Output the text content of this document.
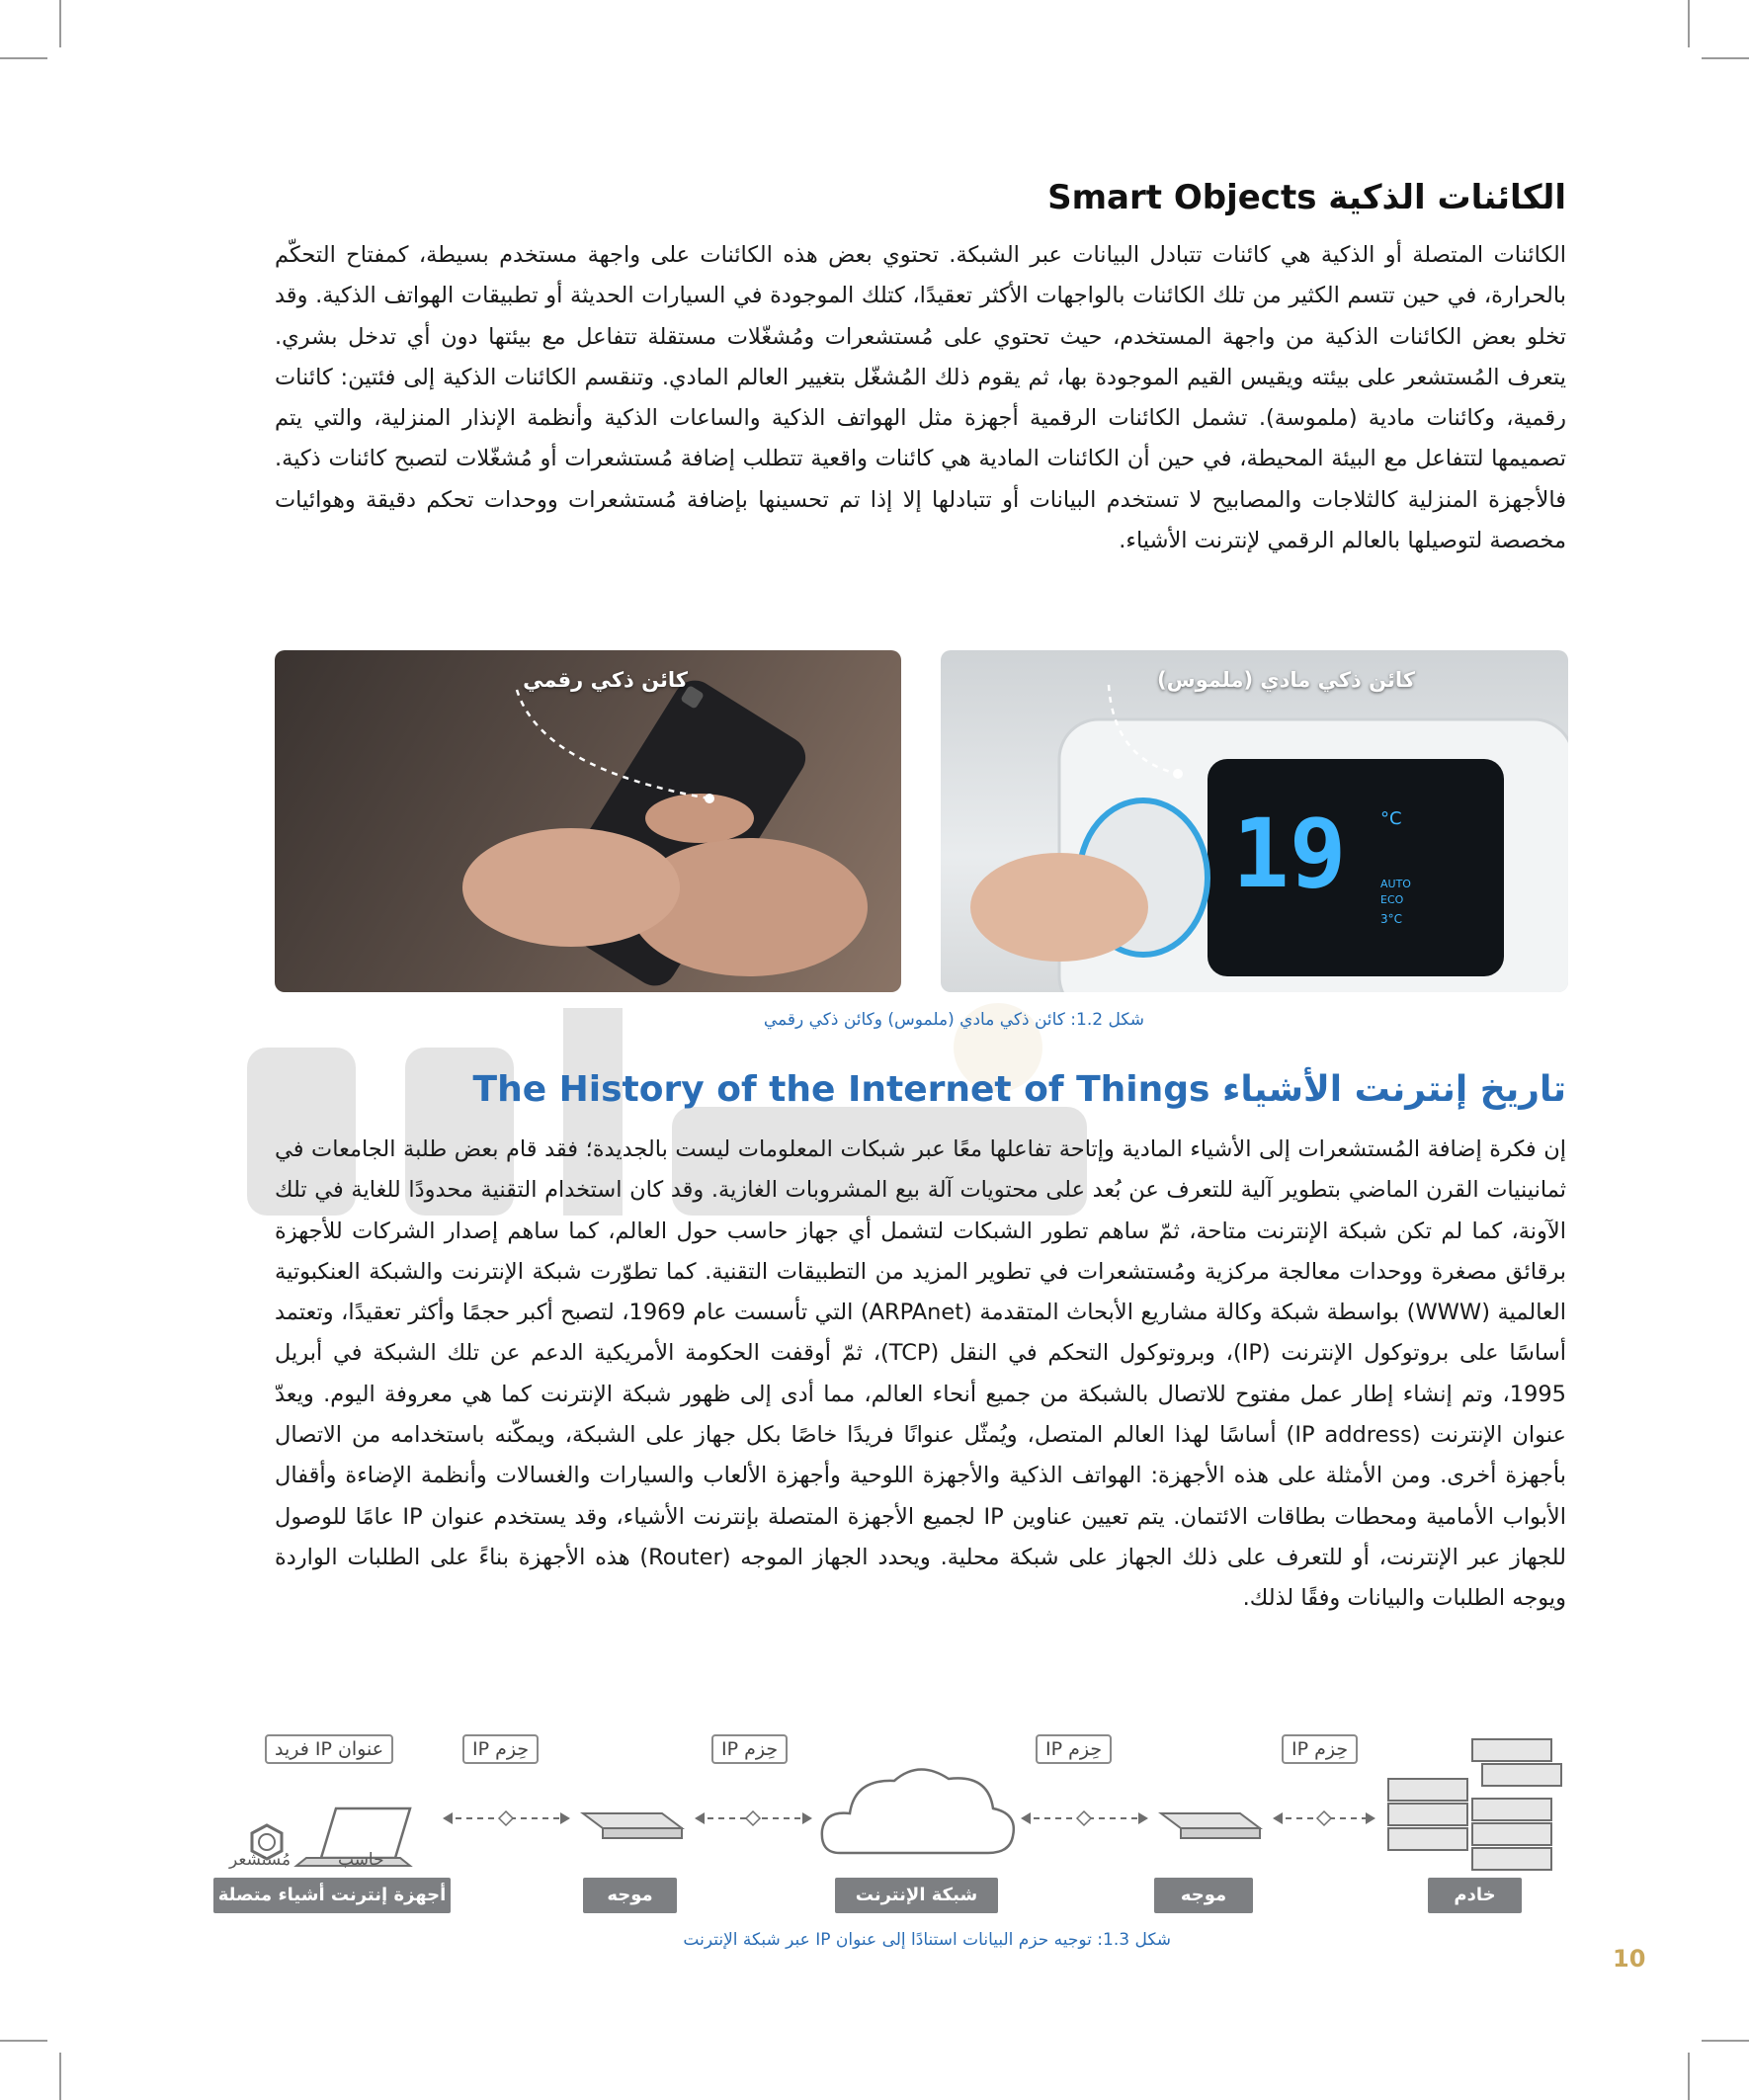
الكائنات الذكية Smart Objects
الكائنات المتصلة أو الذكية هي كائنات تتبادل البيانات عبر الشبكة. تحتوي بعض هذه الكائنات على واجهة مستخدم بسيطة، كمفتاح التحكّم بالحرارة، في حين تتسم الكثير من تلك الكائنات بالواجهات الأكثر تعقيدًا، كتلك الموجودة في السيارات الحديثة أو تطبيقات الهواتف الذكية. وقد تخلو بعض الكائنات الذكية من واجهة المستخدم، حيث تحتوي على مُستشعرات ومُشغّلات مستقلة تتفاعل مع بيئتها دون أي تدخل بشري. يتعرف المُستشعر على بيئته ويقيس القيم الموجودة بها، ثم يقوم ذلك المُشغّل بتغيير العالم المادي. وتنقسم الكائنات الذكية إلى فئتين: كائنات رقمية، وكائنات مادية (ملموسة). تشمل الكائنات الرقمية أجهزة مثل الهواتف الذكية والساعات الذكية وأنظمة الإنذار المنزلية، والتي يتم تصميمها لتتفاعل مع البيئة المحيطة، في حين أن الكائنات المادية هي كائنات واقعية تتطلب إضافة مُستشعرات أو مُشغّلات لتصبح كائنات ذكية. فالأجهزة المنزلية كالثلاجات والمصابيح لا تستخدم البيانات أو تتبادلها إلا إذا تم تحسينها بإضافة مُستشعرات ووحدات تحكم دقيقة وهوائيات مخصصة لتوصيلها بالعالم الرقمي لإنترنت الأشياء.
كائن ذكي رقمي
19 °C
AUTO
ECO
3°C
كائن ذكي مادي (ملموس)
شكل 1.2: كائن ذكي مادي (ملموس) وكائن ذكي رقمي
تاريخ إنترنت الأشياء The History of the Internet of Things
إن فكرة إضافة المُستشعرات إلى الأشياء المادية وإتاحة تفاعلها معًا عبر شبكات المعلومات ليست بالجديدة؛ فقد قام بعض طلبة الجامعات في ثمانينيات القرن الماضي بتطوير آلية للتعرف عن بُعد على محتويات آلة بيع المشروبات الغازية. وقد كان استخدام التقنية محدودًا للغاية في تلك الآونة، كما لم تكن شبكة الإنترنت متاحة، ثمّ ساهم تطور الشبكات لتشمل أي جهاز حاسب حول العالم، كما ساهم إصدار الشركات للأجهزة برقائق مصغرة ووحدات معالجة مركزية ومُستشعرات في تطوير المزيد من التطبيقات التقنية. كما تطوّرت شبكة الإنترنت والشبكة العنكبوتية العالمية (WWW) بواسطة شبكة وكالة مشاريع الأبحاث المتقدمة (ARPAnet) التي تأسست عام 1969، لتصبح أكبر حجمًا وأكثر تعقيدًا، وتعتمد أساسًا على بروتوكول الإنترنت (IP)، وبروتوكول التحكم في النقل (TCP)، ثمّ أوقفت الحكومة الأمريكية الدعم عن تلك الشبكة في أبريل 1995، وتم إنشاء إطار عمل مفتوح للاتصال بالشبكة من جميع أنحاء العالم، مما أدى إلى ظهور شبكة الإنترنت كما هي معروفة اليوم. ويعدّ عنوان الإنترنت (IP address) أساسًا لهذا العالم المتصل، ويُمثّل عنوانًا فريدًا خاصًا بكل جهاز على الشبكة، ويمكّنه باستخدامه من الاتصال بأجهزة أخرى. ومن الأمثلة على هذه الأجهزة: الهواتف الذكية والأجهزة اللوحية وأجهزة الألعاب والسيارات والغسالات وأنظمة الإضاءة وأقفال الأبواب الأمامية ومحطات بطاقات الائتمان. يتم تعيين عناوين IP لجميع الأجهزة المتصلة بإنترنت الأشياء، وقد يستخدم عنوان IP عامًا للوصول للجهاز عبر الإنترنت، أو للتعرف على ذلك الجهاز على شبكة محلية. ويحدد الجهاز الموجه (Router) هذه الأجهزة بناءً على الطلبات الواردة ويوجه الطلبات والبيانات وفقًا لذلك.
عنوان IP فريد	حِزم IP	حِزم IP	حِزم IP	حِزم IP
مُستشعر	حاسب
أجهزة إنترنت أشياء متصلة	موجه	شبكة الإنترنت	موجه	خادم
شكل 1.3: توجيه حزم البيانات استنادًا إلى عنوان IP عبر شبكة الإنترنت
10
